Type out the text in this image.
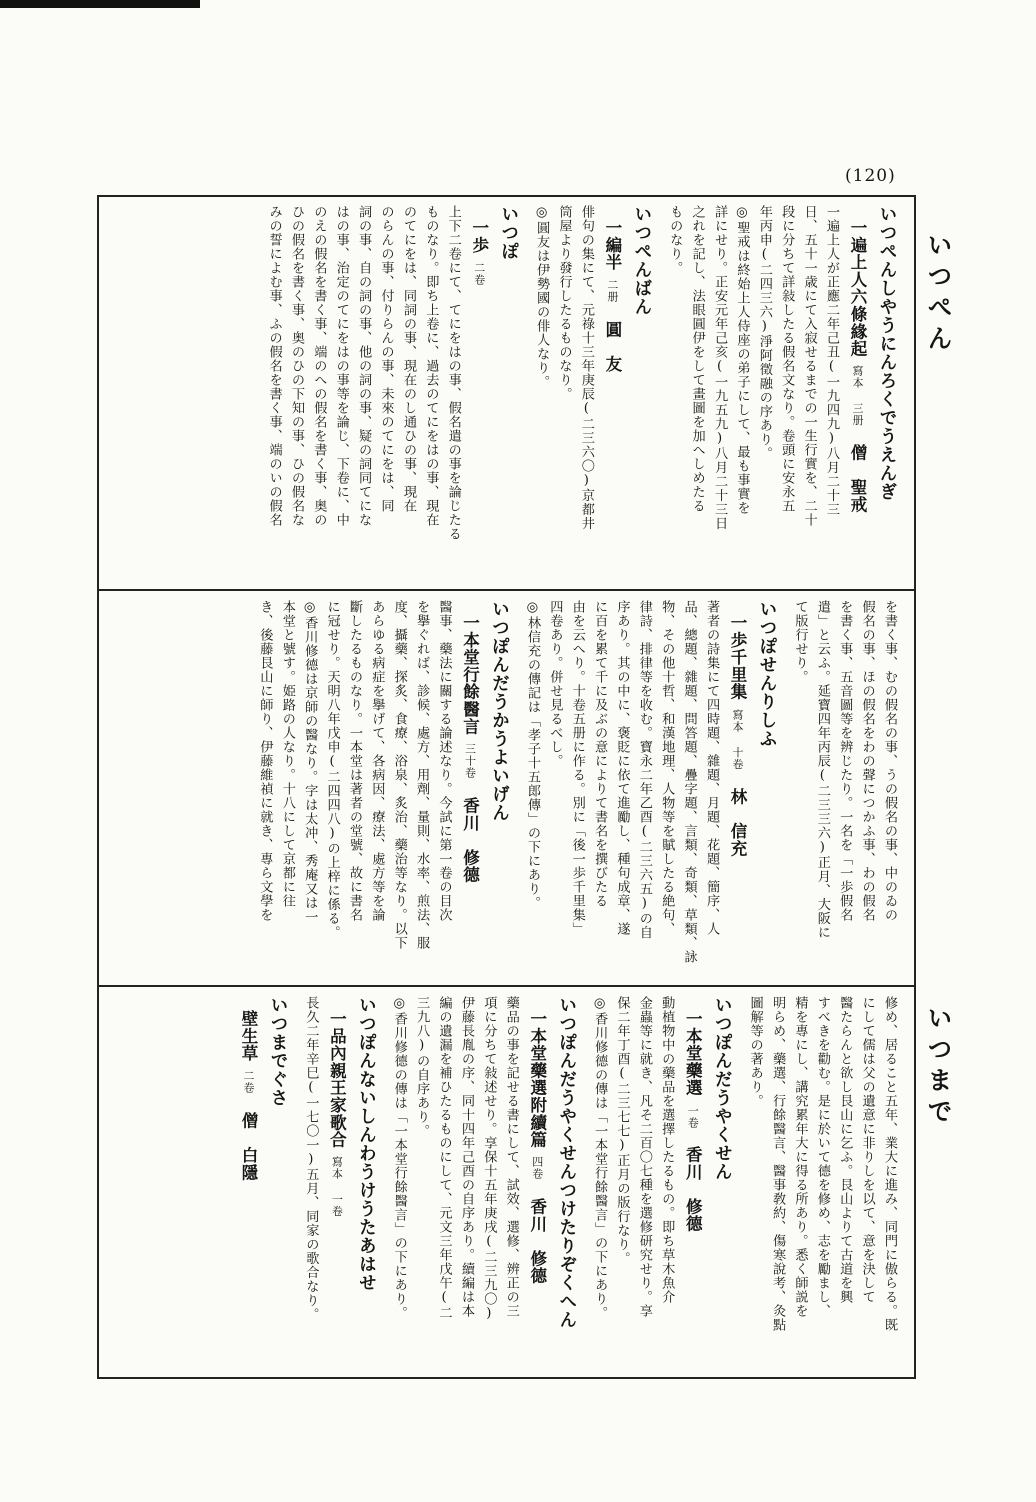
(120)
いつぺん
いつまで
いつぺんしやうにんろくでうえんぎ
一遍上人六條緣起寫本 三册僧　聖戒
一遍上人が正應二年己丑(一九四九)八月二十三
日、五十一歳にて入寂せるまでの一生行實を、二十
段に分ちて詳敍したる假名文なり。卷頭に安永五
年丙申(二四三六)淨阿徵融の序あり。
◎聖戒は終始上人侍座の弟子にして、最も事實を
詳にせり。正安元年己亥(一九五九)八月二十三日
之れを記し、法眼圓伊をして畫圖を加へしめたる
ものなり。
いつぺんばん
一編半二册圓　友
俳句の集にて、元祿十三年庚辰(二三六〇)京都井
筒屋より發行したるものなり。
◎圓友は伊勢國の俳人なり。
いつぽ
一歩二卷
上下二卷にて、てにをはの事、假名遣の事を論じたる
ものなり。即ち上卷に、過去のてにをはの事、現在
のてにをは、同詞の事、現在のし通ひの事、現在
のらんの事、付りらんの事、未來のてにをは、同
詞の事、自の詞の事、他の詞の事、疑の詞同てにな
はの事、治定のてにをはの事等を論じ、下卷に、中
のえの假名を書く事、端のへの假名を書く事、奥の
ひの假名を書く事、奥のひの下知の事、ひの假名な
みの誓によむ事、ふの假名を書く事、端のいの假名
を書く事、むの假名の事、うの假名の事、中のゐの
假名の事、ほの假名をわの聲につかふ事、わの假名
を書く事、五音圖等を辨じたり。一名を「一歩假名
遣」と云ふ。延寶四年丙辰(二三三六)正月、大阪に
て版行せり。
いつぽせんりしふ
一歩千里集寫本 十卷林　信充
著者の詩集にて四時題、雜題、月題、花題、簡序、人
品、總題、雜題、問答題、疊字題、言類、奇類、草類、詠
物、その他十哲、和漢地理、人物等を賦したる絶句、
律詩、排律等を收む。寶永二年乙酉(二三六五)の自
序あり。其の中に、褒貶に依て進勵し、種句成章、遂
に百を累て千に及ぶの意によりて書名を撰びたる
由を云へり。十卷五册に作る。別に「後一歩千里集」
四卷あり。併せ見るべし。
◎林信充の傳記は「孝子十五郎傳」の下にあり。
いつぽんだうかうよいげん
一本堂行餘醫言三十卷香川　修德
醫事、藥法に關する論述なり。今試に第一卷の目次
を擧ぐれば、診候、處方、用劑、量則、水率、煎法、服
度、攝藥、探炙、食療、浴泉、炙治、藥治等なり。以下
あらゆる病症を擧げて、各病因、療法、處方等を論
斷したるものなり。一本堂は著者の堂號、故に書名
に冠せり。天明八年戊申(二四四八)の上梓に係る。
◎香川修德は京師の醫なり。字は太冲、秀庵又は一
本堂と號す。姫路の人なり。十八にして京都に往
き、後藤艮山に師り、伊藤維禎に就き、專ら文學を
修め、居ること五年、業大に進み、同門に傲らる。既
にして儒は父の遺意に非りしを以て、意を決して
醫たらんと欲し艮山に乞ふ。艮山よりて古道を興
すべきを勸む。是に於いて德を修め、志を勵まし、
精を專にし、講究累年大に得る所あり。悉く師説を
明らめ、藥選、行餘醫言、醫事敎約、傷寒說考、灸點
圖解等の著あり。
いつぽんだうやくせん
一本堂藥選一卷香川　修德
動植物中の藥品を選擇したるもの。即ち草木魚介
金蟲等に就き、凡そ二百〇七種を選修研究せり。享
保二年丁酉(二三七七)正月の版行なり。
◎香川修德の傳は「一本堂行餘醫言」の下にあり。
いつぽんだうやくせんつけたりぞくへん
一本堂藥選附續篇四卷香川　修德
藥品の事を記せる書にして、試效、選修、辨正の三
項に分ちて敍述せり。享保十五年庚戌(二三九〇)
伊藤長胤の序、同十四年己酉の自序あり。續編は本
編の遺漏を補ひたるものにして、元文三年戊午(二
三九八)の自序あり。
◎香川修德の傳は「一本堂行餘醫言」の下にあり。
いつぽんないしんわうけうたあはせ
一品內親王家歌合寫本 一卷
長久二年辛巳(一七〇一)五月、同家の歌合なり。
いつまでぐさ
壁生草二卷僧　白隱
